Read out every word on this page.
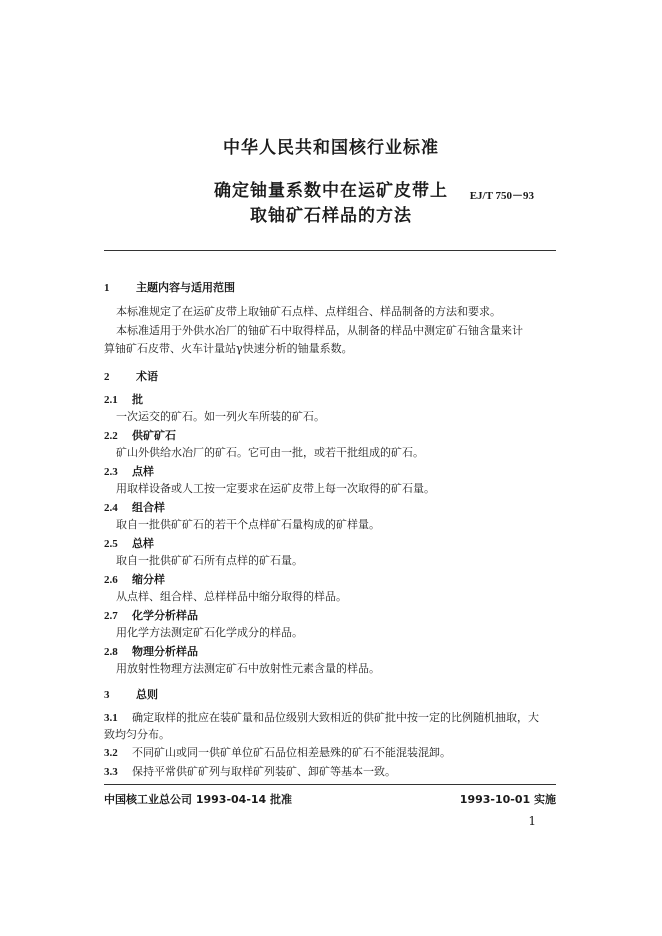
中华人民共和国核行业标准
确定铀量系数中在运矿皮带上
取铀矿石样品的方法
EJ/T 750－93
1 主题内容与适用范围
本标准规定了在运矿皮带上取铀矿石点样、点样组合、样品制备的方法和要求。
本标准适用于外供水冶厂的铀矿石中取得样品，从制备的样品中测定矿石铀含量来计
算铀矿石皮带、火车计量站γ快速分析的铀量系数。
2 术语
2.1 批
一次运交的矿石。如一列火车所装的矿石。
2.2 供矿矿石
矿山外供给水冶厂的矿石。它可由一批，或若干批组成的矿石。
2.3 点样
用取样设备或人工按一定要求在运矿皮带上每一次取得的矿石量。
2.4 组合样
取自一批供矿矿石的若干个点样矿石量构成的矿样量。
2.5 总样
取自一批供矿矿石所有点样的矿石量。
2.6 缩分样
从点样、组合样、总样样品中缩分取得的样品。
2.7 化学分析样品
用化学方法测定矿石化学成分的样品。
2.8 物理分析样品
用放射性物理方法测定矿石中放射性元素含量的样品。
3 总则
3.1 确定取样的批应在装矿量和品位级别大致相近的供矿批中按一定的比例随机抽取，大
致均匀分布。
3.2 不同矿山或同一供矿单位矿石品位相差悬殊的矿石不能混装混卸。
3.3 保持平常供矿矿列与取样矿列装矿、卸矿等基本一致。
中国核工业总公司 1993-04-14 批准	1993-10-01 实施
1
